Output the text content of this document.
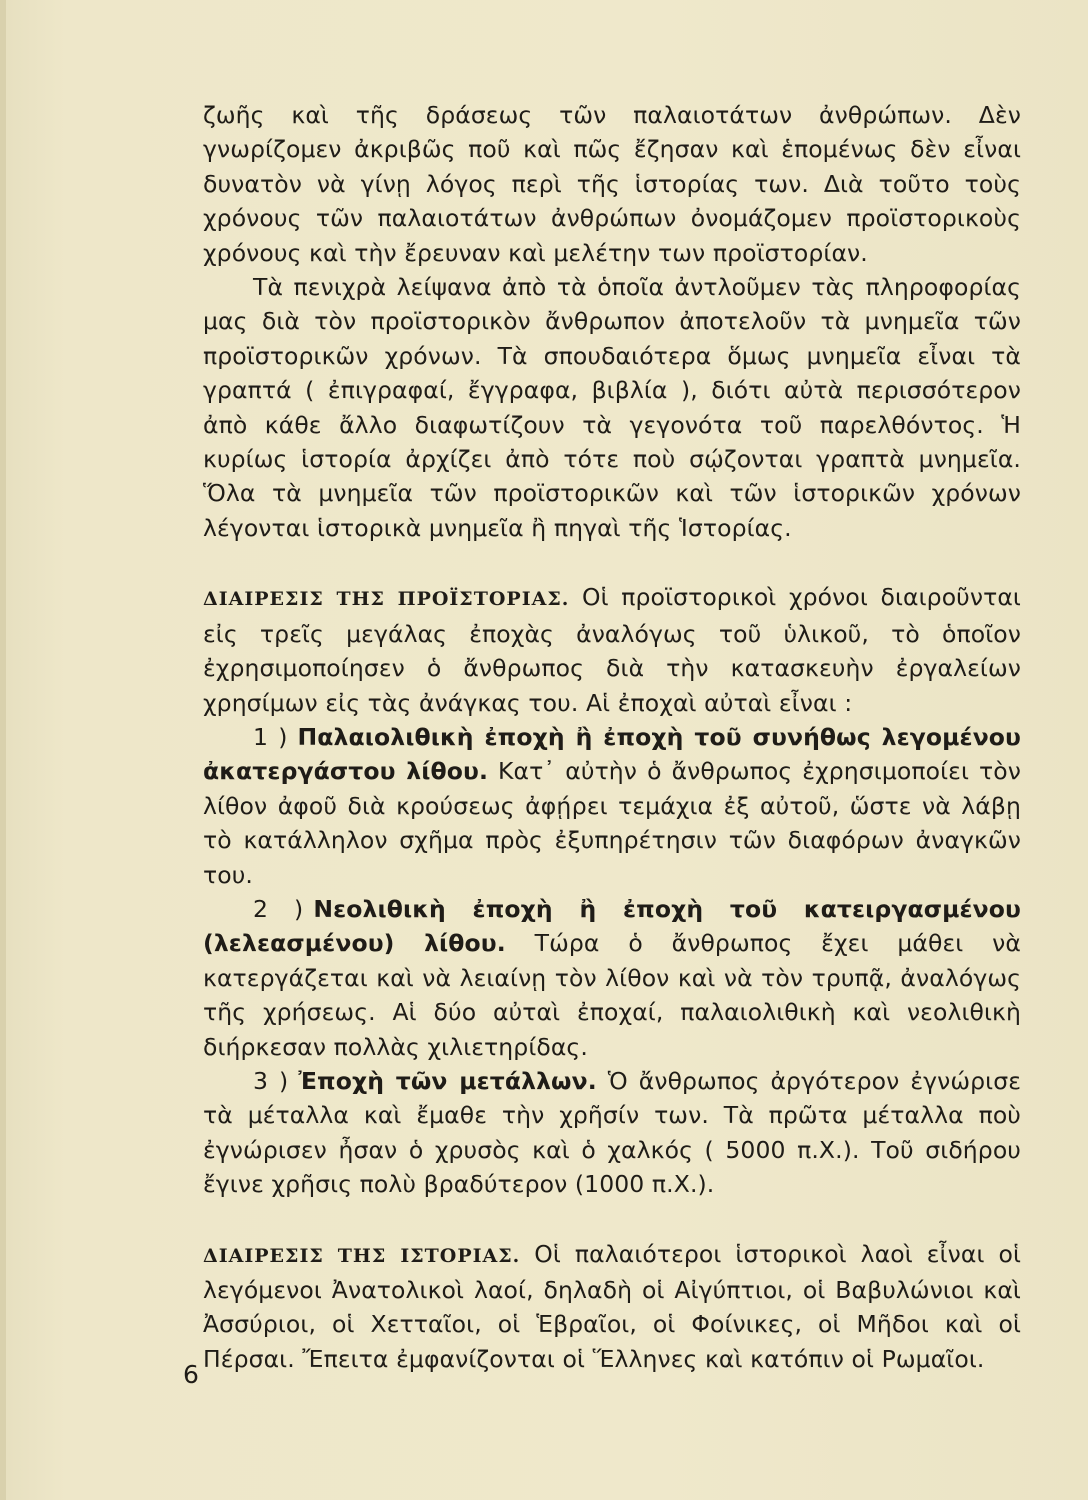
ζωῆς καὶ τῆς δράσεως τῶν παλαιοτάτων ἀνθρώπων. Δὲν γνωρίζομεν ἀκριβῶς ποῦ καὶ πῶς ἔζησαν καὶ ἑπομένως δὲν εἶναι δυνατὸν νὰ γίνῃ λόγος περὶ τῆς ἱστορίας των. Διὰ τοῦτο τοὺς χρόνους τῶν παλαιοτάτων ἀνθρώπων ὀνομάζομεν προϊστορικοὺς χρόνους καὶ τὴν ἔρευναν καὶ μελέτην των προϊστορίαν.

Τὰ πενιχρὰ λείψανα ἀπὸ τὰ ὁποῖα ἀντλοῦμεν τὰς πληροφορίας μας διὰ τὸν προϊστορικὸν ἄνθρωπον ἀποτελοῦν τὰ μνημεῖα τῶν προϊστορικῶν χρόνων. Τὰ σπουδαιότερα ὅμως μνημεῖα εἶναι τὰ γραπτά ( ἐπιγραφαί, ἔγγραφα, βιβλία ), διότι αὐτὰ περισσότερον ἀπὸ κάθε ἄλλο διαφωτίζουν τὰ γεγονότα τοῦ παρελθόντος. Ἡ κυρίως ἱστορία ἀρχίζει ἀπὸ τότε ποὺ σῴζονται γραπτὰ μνημεῖα. Ὅλα τὰ μνημεῖα τῶν προϊστορικῶν καὶ τῶν ἱστορικῶν χρόνων λέγονται ἱστορικὰ μνημεῖα ἢ πηγαὶ τῆς Ἱστορίας.

ΔΙΑΙΡΕΣΙΣ ΤΗΣ ΠΡΟΪΣΤΟΡΙΑΣ. Οἱ προϊστορικοὶ χρόνοι διαιροῦνται εἰς τρεῖς μεγάλας ἐποχὰς ἀναλόγως τοῦ ὑλικοῦ, τὸ ὁποῖον ἐχρησιμοποίησεν ὁ ἄνθρωπος διὰ τὴν κατασκευὴν ἐργαλείων χρησίμων εἰς τὰς ἀνάγκας του. Αἱ ἐποχαὶ αὐταὶ εἶναι :

1 ) Παλαιολιθικὴ ἐποχὴ ἢ ἐποχὴ τοῦ συνήθως λεγομένου ἀκατεργάστου λίθου. Κατ᾽ αὐτὴν ὁ ἄνθρωπος ἐχρησιμοποίει τὸν λίθον ἀφοῦ διὰ κρούσεως ἀφῄρει τεμάχια ἐξ αὐτοῦ, ὥστε νὰ λάβῃ τὸ κατάλληλον σχῆμα πρὸς ἐξυπηρέτησιν τῶν διαφόρων ἀναγκῶν του.

2 ) Νεολιθικὴ ἐποχὴ ἢ ἐποχὴ τοῦ κατειργασμένου (λελεασμένου) λίθου. Τώρα ὁ ἄνθρωπος ἔχει μάθει νὰ κατεργάζεται καὶ νὰ λειαίνῃ τὸν λίθον καὶ νὰ τὸν τρυπᾷ, ἀναλόγως τῆς χρήσεως. Αἱ δύο αὐταὶ ἐποχαί, παλαιολιθικὴ καὶ νεολιθικὴ διήρκεσαν πολλὰς χιλιετηρίδας.

3 ) Ἐποχὴ τῶν μετάλλων. Ὁ ἄνθρωπος ἀργότερον ἐγνώρισε τὰ μέταλλα καὶ ἔμαθε τὴν χρῆσίν των. Τὰ πρῶτα μέταλλα ποὺ ἐγνώρισεν ἦσαν ὁ χρυσὸς καὶ ὁ χαλκός ( 5000 π.Χ.). Τοῦ σιδήρου ἔγινε χρῆσις πολὺ βραδύτερον (1000 π.Χ.).

ΔΙΑΙΡΕΣΙΣ ΤΗΣ ΙΣΤΟΡΙΑΣ. Οἱ παλαιότεροι ἱστορικοὶ λαοὶ εἶναι οἱ λεγόμενοι Ἀνατολικοὶ λαοί, δηλαδὴ οἱ Αἰγύπτιοι, οἱ Βαβυλώνιοι καὶ Ἀσσύριοι, οἱ Χετταῖοι, οἱ Ἑβραῖοι, οἱ Φοίνικες, οἱ Μῆδοι καὶ οἱ Πέρσαι. Ἔπειτα ἐμφανίζονται οἱ Ἕλληνες καὶ κατόπιν οἱ Ρωμαῖοι.

6
